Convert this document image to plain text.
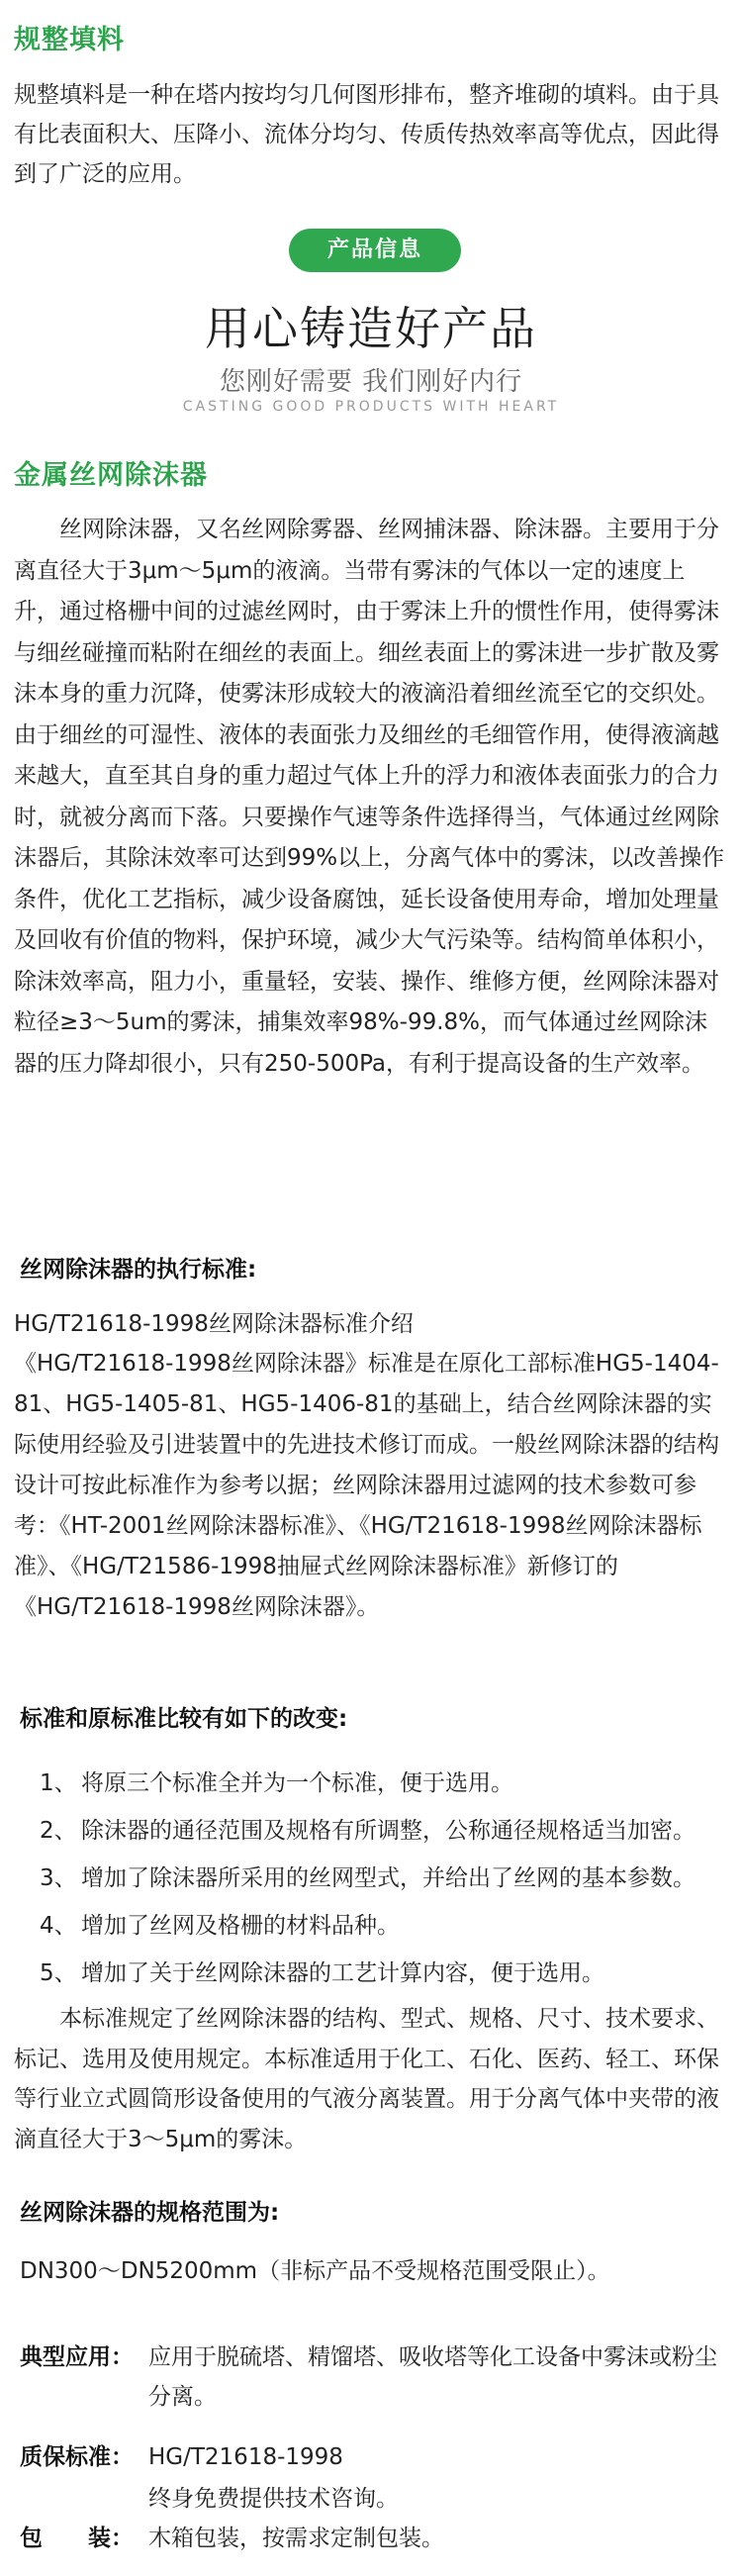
规整填料
规整填料是一种在塔内按均匀几何图形排布，整齐堆砌的填料。由于具有比表面积大、压降小、流体分均匀、传质传热效率高等优点，因此得到了广泛的应用。
产品信息
用心铸造好产品
您刚好需要 我们刚好内行
CASTING GOOD PRODUCTS WITH HEART
金属丝网除沫器
丝网除沫器，又名丝网除雾器、丝网捕沫器、除沫器。主要用于分离直径大于3μm～5μm的液滴。当带有雾沫的气体以一定的速度上升，通过格栅中间的过滤丝网时，由于雾沫上升的惯性作用，使得雾沫与细丝碰撞而粘附在细丝的表面上。细丝表面上的雾沫进一步扩散及雾沫本身的重力沉降，使雾沫形成较大的液滴沿着细丝流至它的交织处。由于细丝的可湿性、液体的表面张力及细丝的毛细管作用，使得液滴越来越大，直至其自身的重力超过气体上升的浮力和液体表面张力的合力时，就被分离而下落。只要操作气速等条件选择得当，气体通过丝网除沫器后，其除沫效率可达到99%以上，分离气体中的雾沫，以改善操作条件，优化工艺指标，减少设备腐蚀，延长设备使用寿命，增加处理量及回收有价值的物料，保护环境，减少大气污染等。结构简单体积小，除沫效率高，阻力小，重量轻，安装、操作、维修方便，丝网除沫器对粒径≥3～5um的雾沫，捕集效率98%-99.8%，而气体通过丝网除沫器的压力降却很小，只有250-500Pa，有利于提高设备的生产效率。
丝网除沫器的执行标准:
HG/T21618-1998丝网除沫器标准介绍
《HG/T21618-1998丝网除沫器》标准是在原化工部标准HG5-1404-81、HG5-1405-81、HG5-1406-81的基础上，结合丝网除沫器的实际使用经验及引进装置中的先进技术修订而成。一般丝网除沫器的结构设计可按此标准作为参考以据；丝网除沫器用过滤网的技术参数可参考：《HT-2001丝网除沫器标准》、《HG/T21618-1998丝网除沫器标准》、《HG/T21586-1998抽屉式丝网除沫器标准》新修订的《HG/T21618-1998丝网除沫器》。
标准和原标准比较有如下的改变:
1、 将原三个标准全并为一个标准，便于选用。
2、 除沫器的通径范围及规格有所调整，公称通径规格适当加密。
3、 增加了除沫器所采用的丝网型式，并给出了丝网的基本参数。
4、 增加了丝网及格栅的材料品种。
5、 增加了关于丝网除沫器的工艺计算内容，便于选用。
本标准规定了丝网除沫器的结构、型式、规格、尺寸、技术要求、标记、选用及使用规定。本标准适用于化工、石化、医药、轻工、环保等行业立式圆筒形设备使用的气液分离装置。用于分离气体中夹带的液滴直径大于3～5μm的雾沫。
丝网除沫器的规格范围为:
DN300～DN5200mm（非标产品不受规格范围受限止）。
典型应用： 应用于脱硫塔、精馏塔、吸收塔等化工设备中雾沫或粉尘分离。
质保标准： HG/T21618-1998
终身免费提供技术咨询。
包　　装： 木箱包装，按需求定制包装。
